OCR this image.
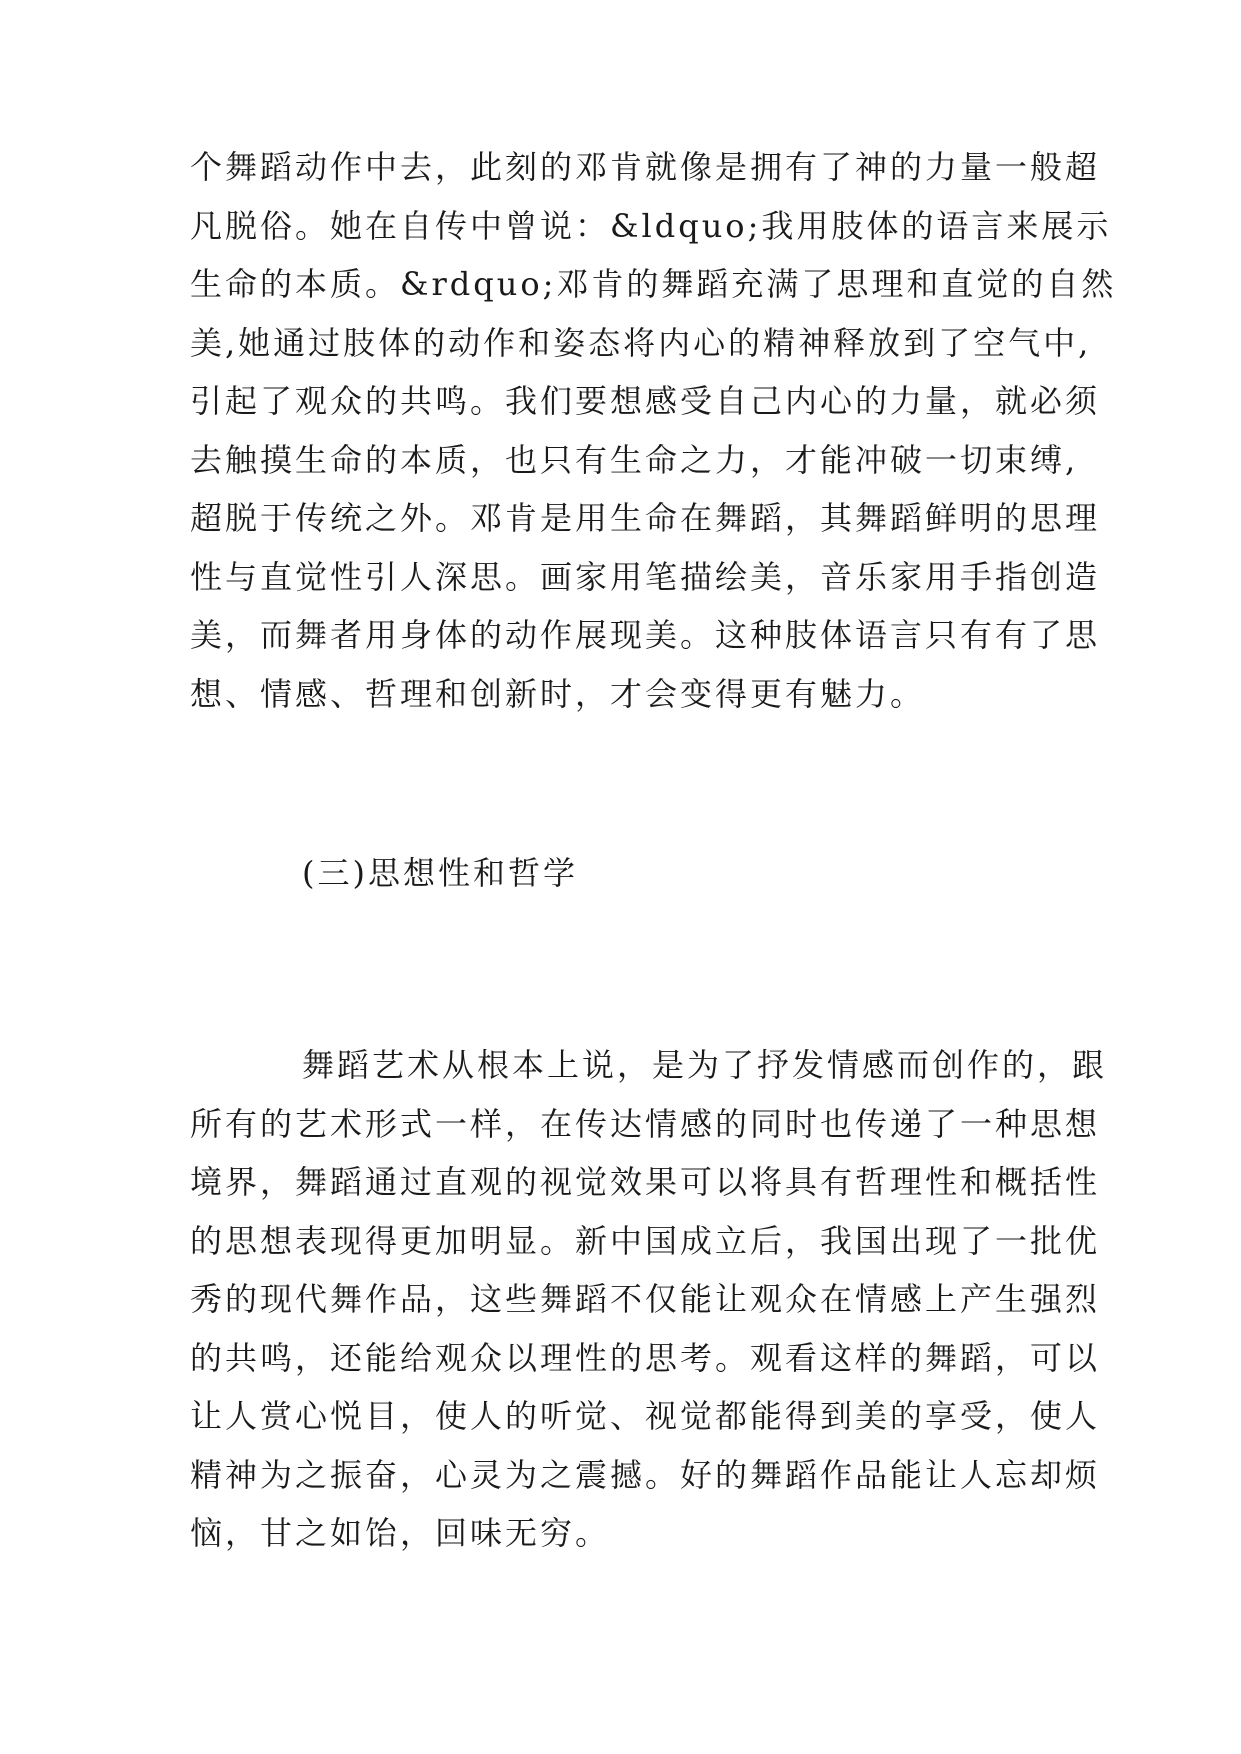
个舞蹈动作中去，此刻的邓肯就像是拥有了神的力量一般超
凡脱俗。她在自传中曾说：&ldquo;我用肢体的语言来展示
生命的本质。&rdquo;邓肯的舞蹈充满了思理和直觉的自然
美,她通过肢体的动作和姿态将内心的精神释放到了空气中,
引起了观众的共鸣。我们要想感受自己内心的力量，就必须
去触摸生命的本质，也只有生命之力，才能冲破一切束缚,
超脱于传统之外。邓肯是用生命在舞蹈，其舞蹈鲜明的思理
性与直觉性引人深思。画家用笔描绘美，音乐家用手指创造
美，而舞者用身体的动作展现美。这种肢体语言只有有了思
想、情感、哲理和创新时，才会变得更有魅力。
(三)思想性和哲学
舞蹈艺术从根本上说，是为了抒发情感而创作的，跟
所有的艺术形式一样，在传达情感的同时也传递了一种思想
境界，舞蹈通过直观的视觉效果可以将具有哲理性和概括性
的思想表现得更加明显。新中国成立后，我国出现了一批优
秀的现代舞作品，这些舞蹈不仅能让观众在情感上产生强烈
的共鸣，还能给观众以理性的思考。观看这样的舞蹈，可以
让人赏心悦目，使人的听觉、视觉都能得到美的享受，使人
精神为之振奋，心灵为之震撼。好的舞蹈作品能让人忘却烦
恼，甘之如饴，回味无穷。
